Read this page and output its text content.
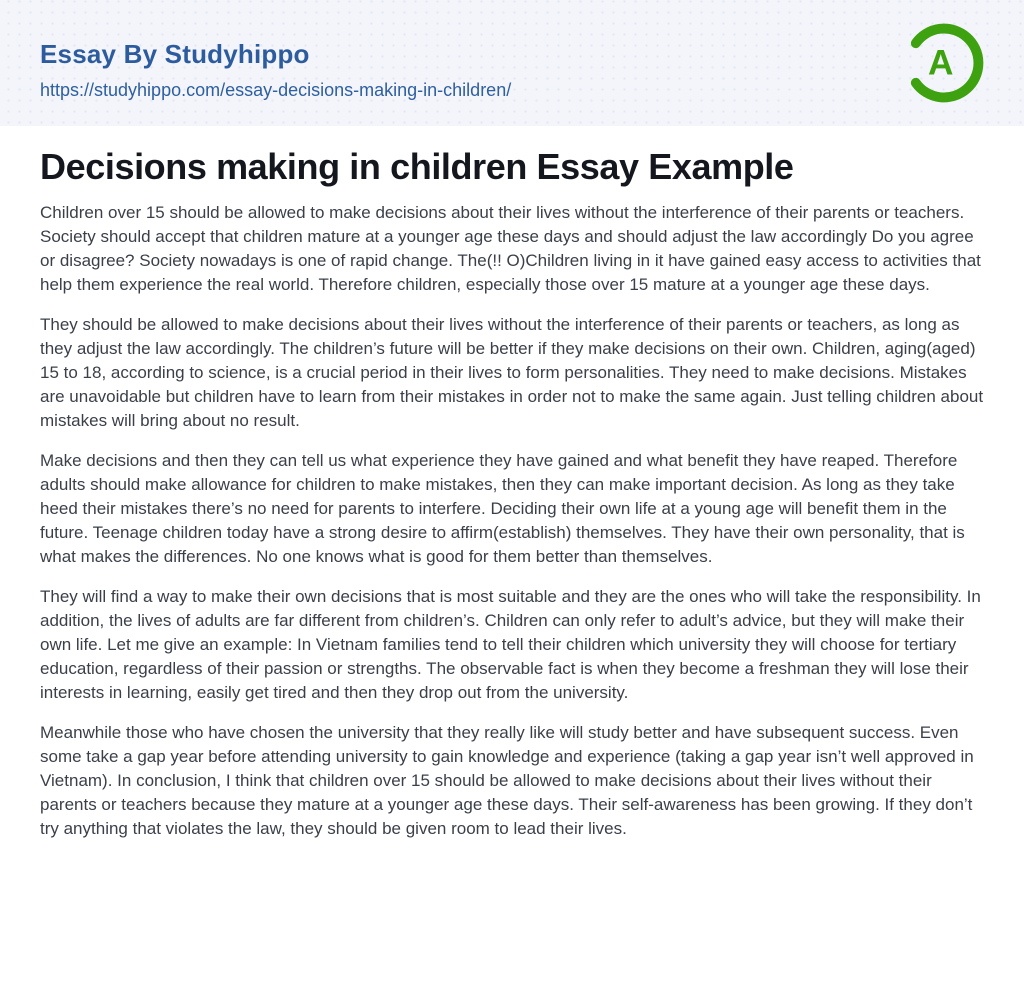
Essay By Studyhippo
https://studyhippo.com/essay-decisions-making-in-children/
A
Decisions making in children Essay Example

Children over 15 should be allowed to make decisions about their lives without the interference of their parents or teachers. Society should accept that children mature at a younger age these days and should adjust the law accordingly Do you agree or disagree? Society nowadays is one of rapid change. The(!! O)Children living in it have gained easy access to activities that help them experience the real world. Therefore children, especially those over 15 mature at a younger age these days.

They should be allowed to make decisions about their lives without the interference of their parents or teachers, as long as they adjust the law accordingly. The children’s future will be better if they make decisions on their own. Children, aging(aged) 15 to 18, according to science, is a crucial period in their lives to form personalities. They need to make decisions. Mistakes are unavoidable but children have to learn from their mistakes in order not to make the same again. Just telling children about mistakes will bring about no result.

Make decisions and then they can tell us what experience they have gained and what benefit they have reaped. Therefore adults should make allowance for children to make mistakes, then they can make important decision. As long as they take heed their mistakes there’s no need for parents to interfere. Deciding their own life at a young age will benefit them in the future. Teenage children today have a strong desire to affirm(establish) themselves. They have their own personality, that is what makes the differences. No one knows what is good for them better than themselves.

They will find a way to make their own decisions that is most suitable and they are the ones who will take the responsibility. In addition, the lives of adults are far different from children’s. Children can only refer to adult’s advice, but they will make their own life. Let me give an example: In Vietnam families tend to tell their children which university they will choose for tertiary education, regardless of their passion or strengths. The observable fact is when they become a freshman they will lose their interests in learning, easily get tired and then they drop out from the university.

Meanwhile those who have chosen the university that they really like will study better and have subsequent success. Even some take a gap year before attending university to gain knowledge and experience (taking a gap year isn’t well approved in Vietnam). In conclusion, I think that children over 15 should be allowed to make decisions about their lives without their parents or teachers because they mature at a younger age these days. Their self-awareness has been growing. If they don’t try anything that violates the law, they should be given room to lead their lives.
